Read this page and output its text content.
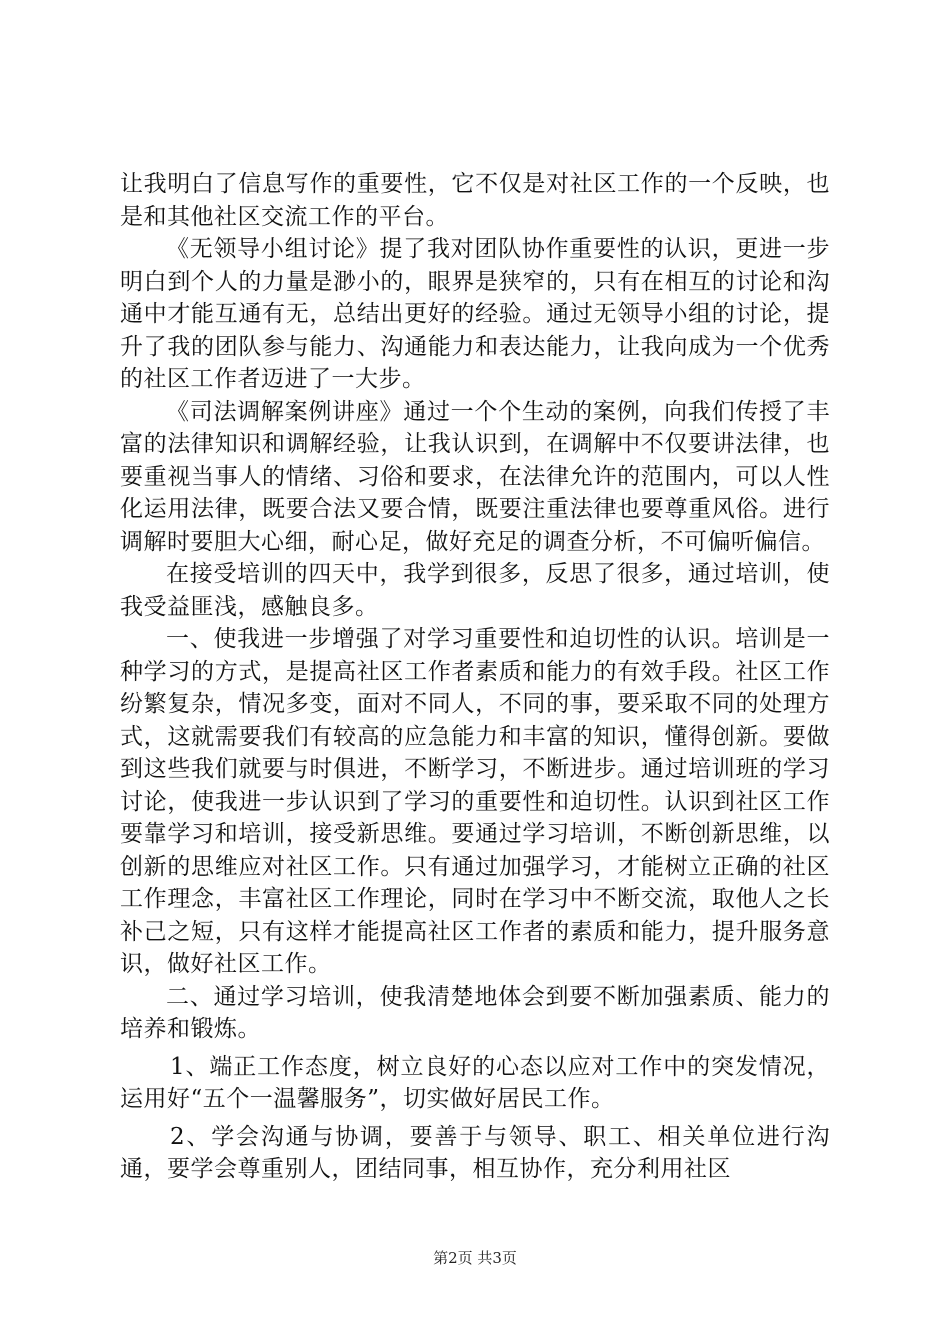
让我明白了信息写作的重要性，它不仅是对社区工作的一个反映，也是和其他社区交流工作的平台。

《无领导小组讨论》提了我对团队协作重要性的认识，更进一步明白到个人的力量是渺小的，眼界是狭窄的，只有在相互的讨论和沟通中才能互通有无，总结出更好的经验。通过无领导小组的讨论，提升了我的团队参与能力、沟通能力和表达能力，让我向成为一个优秀的社区工作者迈进了一大步。

《司法调解案例讲座》通过一个个生动的案例，向我们传授了丰富的法律知识和调解经验，让我认识到，在调解中不仅要讲法律，也要重视当事人的情绪、习俗和要求，在法律允许的范围内，可以人性化运用法律，既要合法又要合情，既要注重法律也要尊重风俗。进行调解时要胆大心细，耐心足，做好充足的调查分析，不可偏听偏信。

在接受培训的四天中，我学到很多，反思了很多，通过培训，使我受益匪浅，感触良多。

一、使我进一步增强了对学习重要性和迫切性的认识。培训是一种学习的方式，是提高社区工作者素质和能力的有效手段。社区工作纷繁复杂，情况多变，面对不同人，不同的事，要采取不同的处理方式，这就需要我们有较高的应急能力和丰富的知识，懂得创新。要做到这些我们就要与时俱进，不断学习，不断进步。通过培训班的学习讨论，使我进一步认识到了学习的重要性和迫切性。认识到社区工作要靠学习和培训，接受新思维。要通过学习培训，不断创新思维，以创新的思维应对社区工作。只有通过加强学习，才能树立正确的社区工作理念，丰富社区工作理论，同时在学习中不断交流，取他人之长补己之短，只有这样才能提高社区工作者的素质和能力，提升服务意识，做好社区工作。

二、通过学习培训，使我清楚地体会到要不断加强素质、能力的培养和锻炼。

1、端正工作态度，树立良好的心态以应对工作中的突发情况，运用好“五个一温馨服务”，切实做好居民工作。

2、学会沟通与协调，要善于与领导、职工、相关单位进行沟通，要学会尊重别人，团结同事，相互协作，充分利用社区

第2页 共3页
